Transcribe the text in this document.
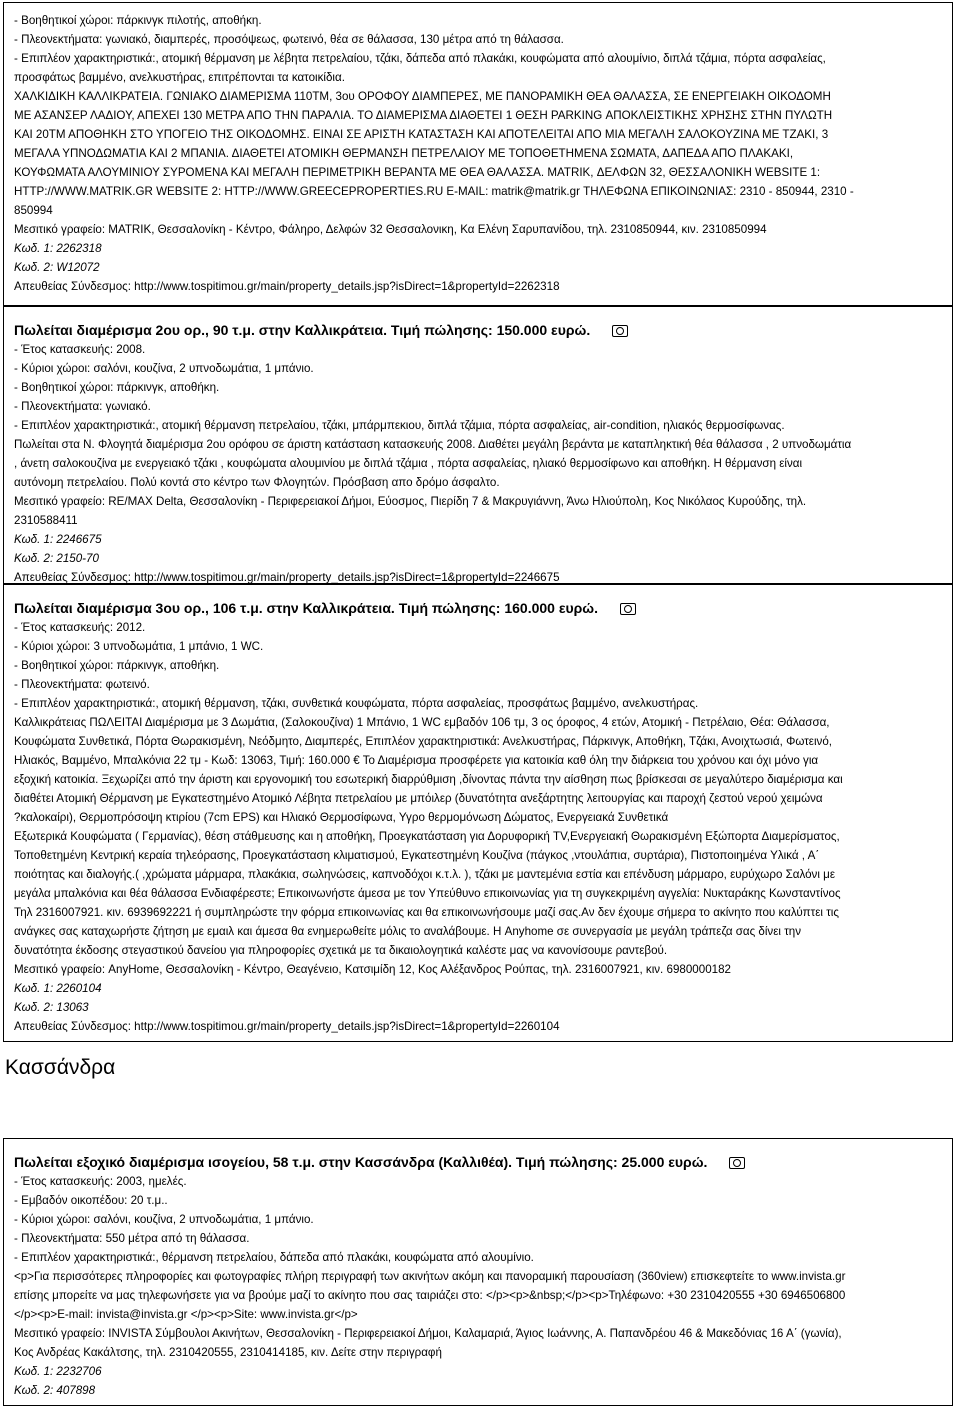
- Βοηθητικοί χώροι: πάρκινγκ πιλοτής, αποθήκη.
- Πλεονεκτήματα: γωνιακό, διαμπερές, προσόψεως, φωτεινό, θέα σε θάλασσα, 130 μέτρα από τη θάλασσα.
- Επιπλέον χαρακτηριστικά:, ατομική θέρμανση με λέβητα πετρελαίου, τζάκι, δάπεδα από πλακάκι, κουφώματα από αλουμίνιο, διπλά τζάμια, πόρτα ασφαλείας,
προσφάτως βαμμένο, ανελκυστήρας, επιτρέπονται τα κατοικίδια.
ΧΑΛΚΙΔΙΚΗ ΚΑΛΛΙΚΡΑΤΕΙΑ. ΓΩΝΙΑΚΟ ΔΙΑΜΕΡΙΣΜΑ 110ΤΜ, 3ου ΟΡΟΦΟΥ ΔΙΑΜΠΕΡΕΣ, ΜΕ ΠΑΝΟΡΑΜΙΚΗ ΘΕΑ ΘΑΛΑΣΣΑ, ΣΕ ΕΝΕΡΓΕΙΑΚΗ ΟΙΚΟΔΟΜΗ
ΜΕ ΑΣΑΝΣΕΡ ΛΑΔΙΟΥ, ΑΠΕΧΕΙ 130 ΜΕΤΡΑ ΑΠΟ ΤΗΝ ΠΑΡΑΛΙΑ. ΤΟ ΔΙΑΜΕΡΙΣΜΑ ΔΙΑΘΕΤΕΙ 1 ΘΕΣΗ PARKING ΑΠΟΚΛΕΙΣΤΙΚΗΣ ΧΡΗΣΗΣ ΣΤΗΝ ΠΥΛΩΤΗ
ΚΑΙ 20ΤΜ ΑΠΟΘΗΚΗ ΣΤΟ ΥΠΟΓΕΙΟ ΤΗΣ ΟΙΚΟΔΟΜΗΣ. ΕΙΝΑΙ ΣΕ ΑΡΙΣΤΗ ΚΑΤΑΣΤΑΣΗ ΚΑΙ ΑΠΟΤΕΛΕΙΤΑΙ ΑΠΟ ΜΙΑ ΜΕΓΑΛΗ ΣΑΛΟΚΟΥΖΙΝΑ ΜΕ ΤΖΑΚΙ, 3
ΜΕΓΑΛΑ ΥΠΝΟΔΩΜΑΤΙΑ ΚΑΙ 2 ΜΠΑΝΙΑ. ΔΙΑΘΕΤΕΙ ΑΤΟΜΙΚΗ ΘΕΡΜΑΝΣΗ ΠΕΤΡΕΛΑΙΟΥ ΜΕ ΤΟΠΟΘΕΤΗΜΕΝΑ ΣΩΜΑΤΑ, ΔΑΠΕΔΑ ΑΠΟ ΠΛΑΚΑΚΙ,
ΚΟΥΦΩΜΑΤΑ ΑΛΟΥΜΙΝΙΟΥ ΣΥΡΟΜΕΝΑ ΚΑΙ ΜΕΓΑΛΗ ΠΕΡΙΜΕΤΡΙΚΗ ΒΕΡΑΝΤΑ ΜΕ ΘΕΑ ΘΑΛΑΣΣΑ. MATRIK, ΔΕΛΦΩΝ 32, ΘΕΣΣΑΛΟΝΙΚΗ WEBSITE 1:
HTTP://WWW.MATRIK.GR WEBSITE 2: HTTP://WWW.GREECEPROPERTIES.RU E-MAIL: matrik@matrik.gr ΤΗΛΕΦΩΝΑ ΕΠΙΚΟΙΝΩΝΙΑΣ: 2310 - 850944, 2310 -
850994
Μεσιτικό γραφείο: MATRIK, Θεσσαλονίκη - Κέντρο, Φάληρο, Δελφών 32 Θεσσαλονικη, Κα Ελένη Σαρυπανίδου, τηλ. 2310850944, κιν. 2310850994
Κωδ. 1: 2262318
Κωδ. 2: W12072
Απευθείας Σύνδεσμος: http://www.tospitimou.gr/main/property_details.jsp?isDirect=1&propertyId=2262318
Πωλείται διαμέρισμα 2ου ορ., 90 τ.μ. στην Καλλικράτεια. Τιμή πώλησης: 150.000 ευρώ.
- Έτος κατασκευής: 2008.
- Κύριοι χώροι: σαλόνι, κουζίνα, 2 υπνοδωμάτια, 1 μπάνιο.
- Βοηθητικοί χώροι: πάρκινγκ, αποθήκη.
- Πλεονεκτήματα: γωνιακό.
- Επιπλέον χαρακτηριστικά:, ατομική θέρμανση πετρελαίου, τζάκι, μπάρμπεκιου, διπλά τζάμια, πόρτα ασφαλείας, air-condition, ηλιακός θερμοσίφωνας.
Πωλείται στα Ν. Φλογητά διαμέρισμα 2ου ορόφου σε άριστη κατάσταση κατασκευής 2008. Διαθέτει μεγάλη βεράντα με καταπληκτική θέα θάλασσα , 2 υπνοδωμάτια
, άνετη σαλοκουζίνα με ενεργειακό τζάκι , κουφώματα αλουμινίου με διπλά τζάμια , πόρτα ασφαλείας, ηλιακό θερμοσίφωνο και αποθήκη. Η θέρμανση είναι
αυτόνομη πετρελαίου. Πολύ κοντά στο κέντρο των Φλογητών. Πρόσβαση απο δρόμο άσφαλτο.
Μεσιτικό γραφείο: RE/MAX Delta, Θεσσαλονίκη - Περιφερειακοί Δήμοι, Εύοσμος, Πιερίδη 7 & Μακρυγιάννη, Άνω Ηλιούπολη, Κος Νικόλαος Κυρούδης, τηλ.
2310588411
Κωδ. 1: 2246675
Κωδ. 2: 2150-70
Απευθείας Σύνδεσμος: http://www.tospitimou.gr/main/property_details.jsp?isDirect=1&propertyId=2246675
Πωλείται διαμέρισμα 3ου ορ., 106 τ.μ. στην Καλλικράτεια. Τιμή πώλησης: 160.000 ευρώ.
- Έτος κατασκευής: 2012.
- Κύριοι χώροι: 3 υπνοδωμάτια, 1 μπάνιο, 1 WC.
- Βοηθητικοί χώροι: πάρκινγκ, αποθήκη.
- Πλεονεκτήματα: φωτεινό.
- Επιπλέον χαρακτηριστικά:, ατομική θέρμανση, τζάκι, συνθετικά κουφώματα, πόρτα ασφαλείας, προσφάτως βαμμένο, ανελκυστήρας.
Καλλικράτειας ΠΩΛΕΙΤΑΙ Διαμέρισμα με 3 Δωμάτια, (Σαλοκουζίνα) 1 Μπάνιο, 1 WC εμβαδόν 106 τμ, 3 ος όροφος, 4 ετών, Ατομική - Πετρέλαιο, Θέα: Θάλασσα,
Κουφώματα Συνθετικά, Πόρτα Θωρακισμένη, Νεόδμητο, Διαμπερές, Επιπλέον χαρακτηριστικά: Ανελκυστήρας, Πάρκινγκ, Αποθήκη, Τζάκι, Ανοιχτωσιά, Φωτεινό,
Ηλιακός, Βαμμένο, Μπαλκόνια 22 τμ - Κωδ: 13063, Τιμή: 160.000 € Το Διαμέρισμα προσφέρετε για κατοικία καθ όλη την διάρκεια του χρόνου και όχι μόνο για
εξοχική κατοικία. Ξεχωρίζει από την άριστη και εργονομική του εσωτερική διαρρύθμιση ,δίνοντας πάντα την αίσθηση πως βρίσκεσαι σε μεγαλύτερο διαμέρισμα και
διαθέτει Ατομική Θέρμανση με Εγκατεστημένο Ατομικό Λέβητα πετρελαίου με μπόιλερ (δυνατότητα ανεξάρτητης λειτουργίας και παροχή ζεστού νερού χειμώνα
?καλοκαίρι), Θερμοπρόσοψη κτιρίου (7cm EPS) και Ηλιακό Θερμοσίφωνα, Υγρο θερμομόνωση Δώματος, Ενεργειακά Συνθετικά
Εξωτερικά Κουφώματα ( Γερμανίας), θέση στάθμευσης και η αποθήκη, Προεγκατάσταση για Δορυφορική TV,Ενεργειακή Θωρακισμένη Εξώπορτα Διαμερίσματος,
Τοποθετημένη Κεντρική κεραία τηλεόρασης, Προεγκατάσταση κλιματισμού, Εγκατεστημένη Κουζίνα (πάγκος ,ντουλάπια, συρτάρια), Πιστοποιημένα Υλικά , Α΄
ποιότητας και διαλογής.( ,χρώματα μάρμαρα, πλακάκια, σωληνώσεις, καπνοδόχοι κ.τ.λ. ), τζάκι με μαντεμένια εστία και επένδυση μάρμαρο, ευρύχωρο Σαλόνι με
μεγάλα μπαλκόνια και θέα θάλασσα Ενδιαφέρεστε; Επικοινωνήστε άμεσα με τον Υπεύθυνο επικοινωνίας για τη συγκεκριμένη αγγελία: Νυκταράκης Κωνσταντίνος
Τηλ 2316007921. κιν. 6939692221 ή συμπληρώστε την φόρμα επικοινωνίας και θα επικοινωνήσουμε μαζί σας.Αν δεν έχουμε σήμερα το ακίνητο που καλύπτει τις
ανάγκες σας καταχωρήστε ζήτηση με εμαιλ και άμεσα θα ενημερωθείτε μόλις το αναλάβουμε. Η Anyhome σε συνεργασία με μεγάλη τράπεζα σας δίνει την
δυνατότητα έκδοσης στεγαστικού δανείου για πληροφορίες σχετικά με τα δικαιολογητικά καλέστε μας να κανονίσουμε ραντεβού.
Μεσιτικό γραφείο: AnyHome, Θεσσαλονίκη - Κέντρο, Θεαγένειο, Κατσιμίδη 12, Κος Αλέξανδρος Ρούπας, τηλ. 2316007921, κιν. 6980000182
Κωδ. 1: 2260104
Κωδ. 2: 13063
Απευθείας Σύνδεσμος: http://www.tospitimou.gr/main/property_details.jsp?isDirect=1&propertyId=2260104
Κασσάνδρα
Πωλείται εξοχικό διαμέρισμα ισογείου, 58 τ.μ. στην Κασσάνδρα (Καλλιθέα). Τιμή πώλησης: 25.000 ευρώ.
- Έτος κατασκευής: 2003, ημελές.
- Εμβαδόν οικοπέδου: 20 τ.μ..
- Κύριοι χώροι: σαλόνι, κουζίνα, 2 υπνοδωμάτια, 1 μπάνιο.
- Πλεονεκτήματα: 550 μέτρα από τη θάλασσα.
- Επιπλέον χαρακτηριστικά:, θέρμανση πετρελαίου, δάπεδα από πλακάκι, κουφώματα από αλουμίνιο.
<p>Για περισσότερες πληροφορίες και φωτογραφίες πλήρη περιγραφή των ακινήτων ακόμη και πανοραμική παρουσίαση (360view) επισκεφτείτε το www.invista.gr
επίσης μπορείτε να μας τηλεφωνήσετε για να βρούμε μαζί το ακίνητο που σας ταιριάζει στο: </p><p>&nbsp;</p><p>Τηλέφωνο: +30 2310420555 +30 6946506800
</p><p>E-mail: invista@invista.gr </p><p>Site: www.invista.gr</p>
Μεσιτικό γραφείο: INVISTA Σύμβουλοι Ακινήτων, Θεσσαλονίκη - Περιφερειακοί Δήμοι, Καλαμαριά, Άγιος Ιωάννης, Α. Παπανδρέου 46 & Μακεδόνιας 16 Α΄ (γωνία),
Κος Ανδρέας Κακάλτσης, τηλ. 2310420555, 2310414185, κιν. Δείτε στην περιγραφή
Κωδ. 1: 2232706
Κωδ. 2: 407898
